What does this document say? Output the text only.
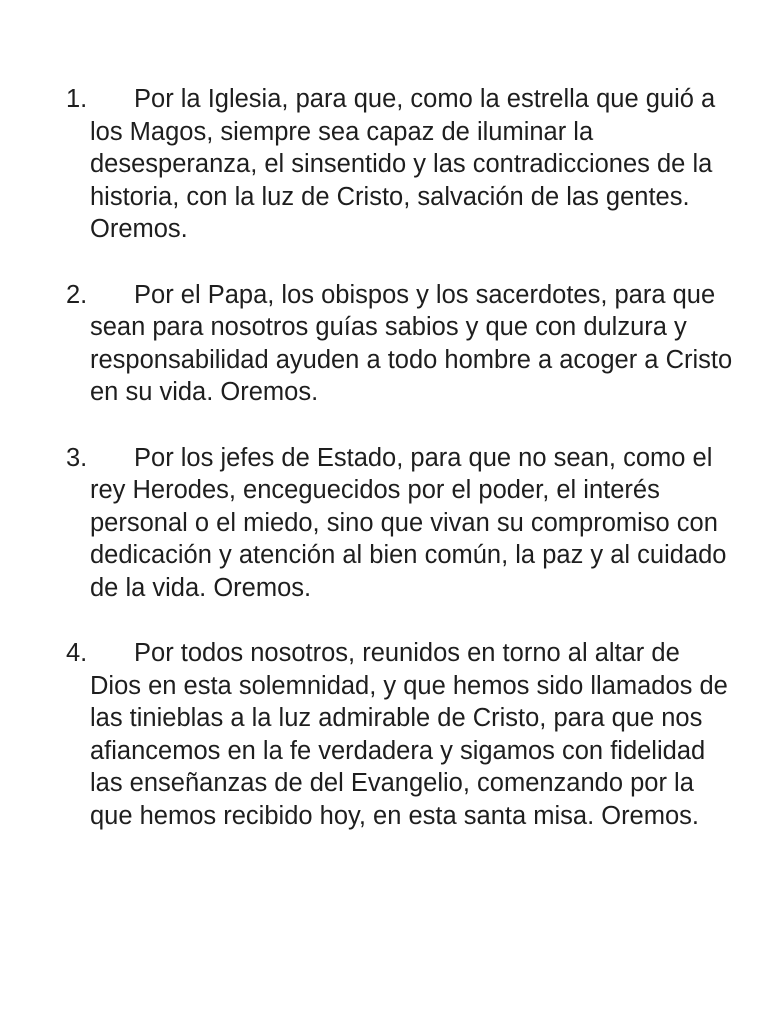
1.	Por la Iglesia, para que, como la estrella que guió a los Magos, siempre sea capaz de iluminar la desesperanza, el sinsentido y las contradicciones de la historia, con la luz de Cristo, salvación de las gentes. Oremos.
2.	Por el Papa, los obispos y los sacerdotes, para que sean para nosotros guías sabios y que con dulzura y responsabilidad ayuden a todo hombre a acoger a Cristo en su vida. Oremos.
3.	Por los jefes de Estado, para que no sean, como el rey Herodes, enceguecidos por el poder, el interés personal o el miedo, sino que vivan su compromiso con dedicación y atención al bien común, la paz y al cuidado de la vida. Oremos.
4.	Por todos nosotros, reunidos en torno al altar de Dios en esta solemnidad, y que hemos sido llamados de las tinieblas a la luz admirable de Cristo, para que nos afiancemos en la fe verdadera y sigamos con fidelidad las enseñanzas de del Evangelio, comenzando por la que hemos recibido hoy, en esta santa misa. Oremos.
